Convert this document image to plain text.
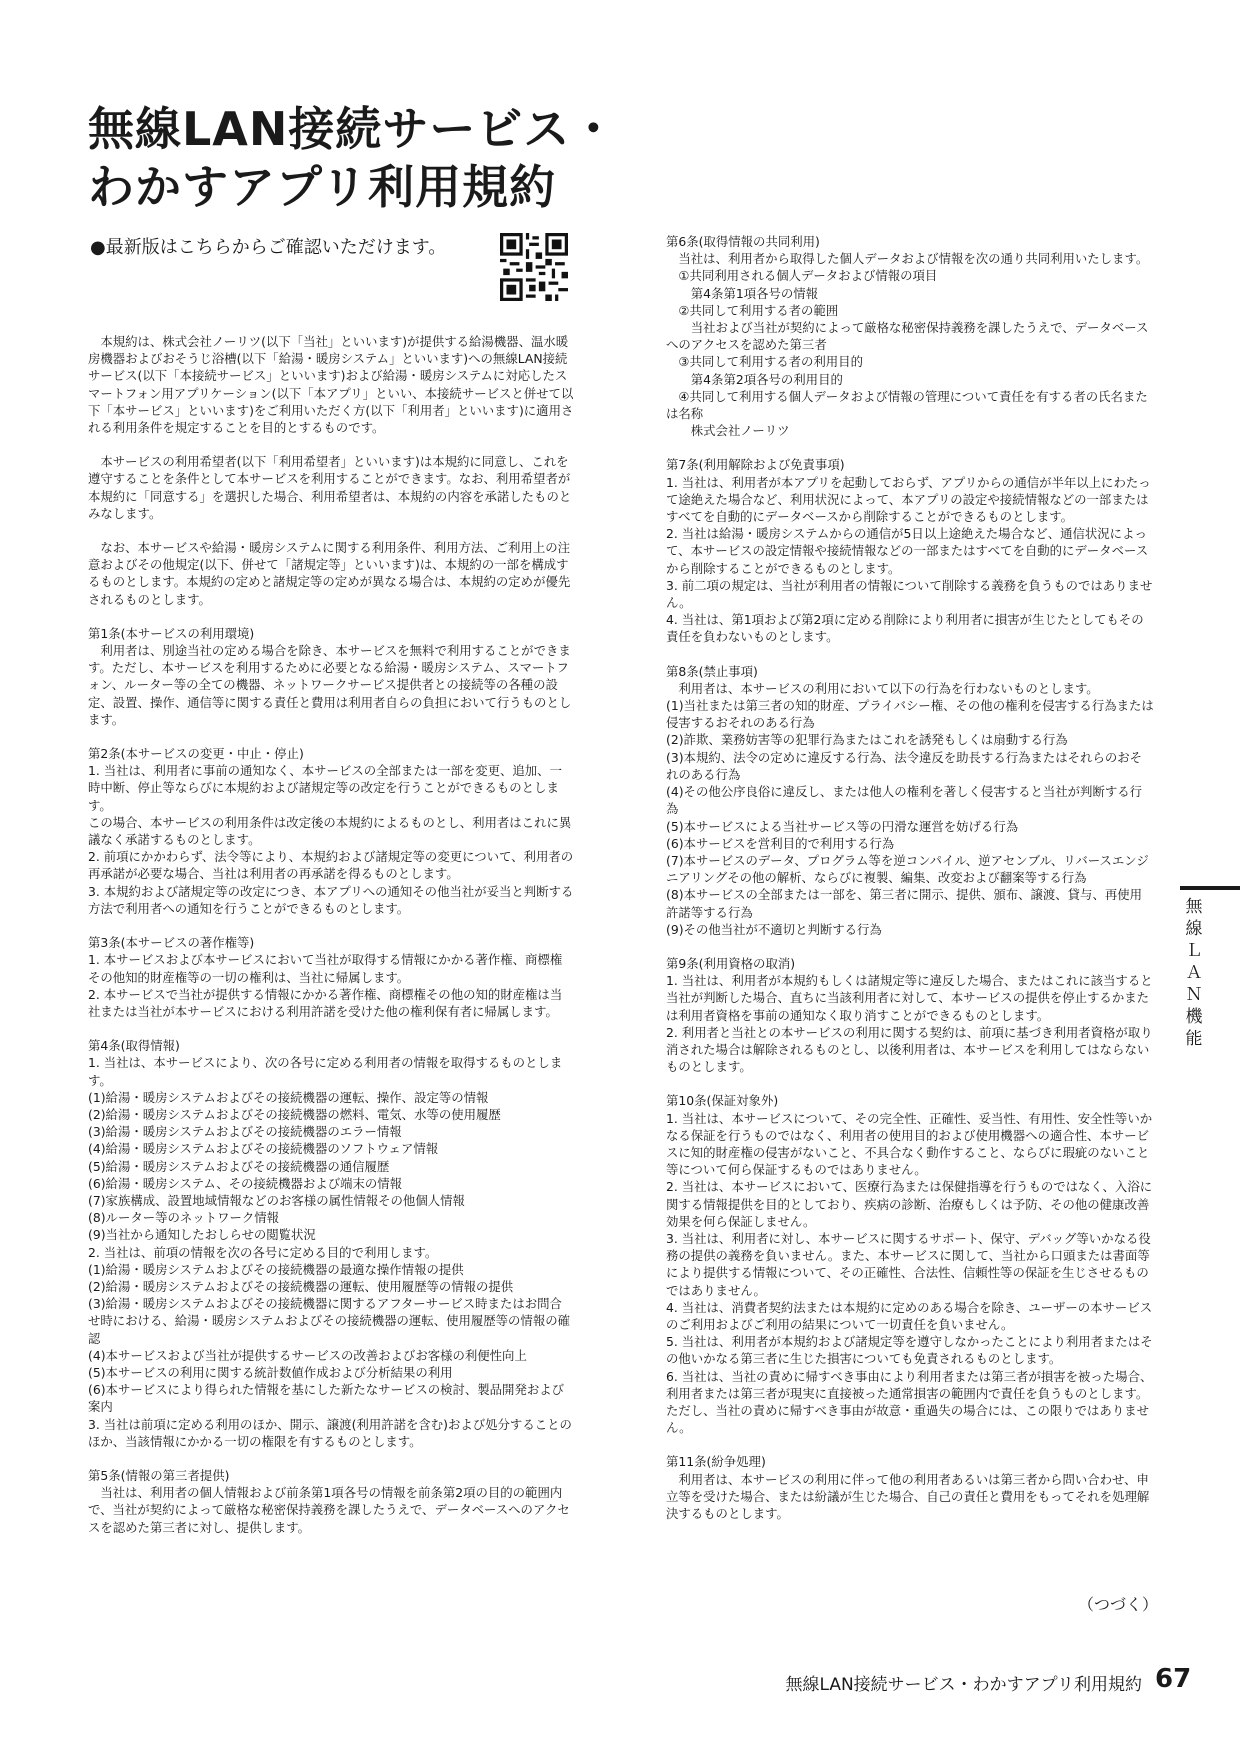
無線LAN接続サービス・
わかすアプリ利用規約
●最新版はこちらからご確認いただけます。

本規約は、株式会社ノーリツ(以下「当社」といいます)が提供する給湯機器、温水暖房機器およびおそうじ浴槽(以下「給湯・暖房システム」といいます)への無線LAN接続サービス(以下「本接続サービス」といいます)および給湯・暖房システムに対応したスマートフォン用アプリケーション(以下「本アプリ」といい、本接続サービスと併せて以下「本サービス」といいます)をご利用いただく方(以下「利用者」といいます)に適用される利用条件を規定することを目的とするものです。

本サービスの利用希望者(以下「利用希望者」といいます)は本規約に同意し、これを遵守することを条件として本サービスを利用することができます。なお、利用希望者が本規約に「同意する」を選択した場合、利用希望者は、本規約の内容を承諾したものとみなします。

なお、本サービスや給湯・暖房システムに関する利用条件、利用方法、ご利用上の注意およびその他規定(以下、併せて「諸規定等」といいます)は、本規約の一部を構成するものとします。本規約の定めと諸規定等の定めが異なる場合は、本規約の定めが優先されるものとします。

第1条(本サービスの利用環境)

　利用者は、別途当社の定める場合を除き、本サービスを無料で利用することができます。ただし、本サービスを利用するために必要となる給湯・暖房システム、スマートフォン、ルーター等の全ての機器、ネットワークサービス提供者との接続等の各種の設定、設置、操作、通信等に関する責任と費用は利用者自らの負担において行うものとします。

第2条(本サービスの変更・中止・停止)

1. 当社は、利用者に事前の通知なく、本サービスの全部または一部を変更、追加、一時中断、停止等ならびに本規約および諸規定等の改定を行うことができるものとします。
この場合、本サービスの利用条件は改定後の本規約によるものとし、利用者はこれに異議なく承諾するものとします。
2. 前項にかかわらず、法令等により、本規約および諸規定等の変更について、利用者の再承諾が必要な場合、当社は利用者の再承諾を得るものとします。
3. 本規約および諸規定等の改定につき、本アプリへの通知その他当社が妥当と判断する方法で利用者への通知を行うことができるものとします。

第3条(本サービスの著作権等)

1. 本サービスおよび本サービスにおいて当社が取得する情報にかかる著作権、商標権その他知的財産権等の一切の権利は、当社に帰属します。
2. 本サービスで当社が提供する情報にかかる著作権、商標権その他の知的財産権は当社または当社が本サービスにおける利用許諾を受けた他の権利保有者に帰属します。

第4条(取得情報)

1. 当社は、本サービスにより、次の各号に定める利用者の情報を取得するものとします。
(1)給湯・暖房システムおよびその接続機器の運転、操作、設定等の情報
(2)給湯・暖房システムおよびその接続機器の燃料、電気、水等の使用履歴
(3)給湯・暖房システムおよびその接続機器のエラー情報
(4)給湯・暖房システムおよびその接続機器のソフトウェア情報
(5)給湯・暖房システムおよびその接続機器の通信履歴
(6)給湯・暖房システム、その接続機器および端末の情報
(7)家族構成、設置地域情報などのお客様の属性情報その他個人情報
(8)ルーター等のネットワーク情報
(9)当社から通知したおしらせの閲覧状況
2. 当社は、前項の情報を次の各号に定める目的で利用します。
(1)給湯・暖房システムおよびその接続機器の最適な操作情報の提供
(2)給湯・暖房システムおよびその接続機器の運転、使用履歴等の情報の提供
(3)給湯・暖房システムおよびその接続機器に関するアフターサービス時またはお問合せ時における、給湯・暖房システムおよびその接続機器の運転、使用履歴等の情報の確認
(4)本サービスおよび当社が提供するサービスの改善およびお客様の利便性向上
(5)本サービスの利用に関する統計数値作成および分析結果の利用
(6)本サービスにより得られた情報を基にした新たなサービスの検討、製品開発および案内
3. 当社は前項に定める利用のほか、開示、譲渡(利用許諾を含む)および処分することのほか、当該情報にかかる一切の権限を有するものとします。

第5条(情報の第三者提供)

　当社は、利用者の個人情報および前条第1項各号の情報を前条第2項の目的の範囲内で、当社が契約によって厳格な秘密保持義務を課したうえで、データベースへのアクセスを認めた第三者に対し、提供します。

第6条(取得情報の共同利用)

　当社は、利用者から取得した個人データおよび情報を次の通り共同利用いたします。
　①共同利用される個人データおよび情報の項目
　　第4条第1項各号の情報
　②共同して利用する者の範囲
　　当社および当社が契約によって厳格な秘密保持義務を課したうえで、データベースへのアクセスを認めた第三者
　③共同して利用する者の利用目的
　　第4条第2項各号の利用目的
　④共同して利用する個人データおよび情報の管理について責任を有する者の氏名または名称
　　株式会社ノーリツ

第7条(利用解除および免責事項)

1. 当社は、利用者が本アプリを起動しておらず、アプリからの通信が半年以上にわたって途絶えた場合など、利用状況によって、本アプリの設定や接続情報などの一部またはすべてを自動的にデータベースから削除することができるものとします。
2. 当社は給湯・暖房システムからの通信が5日以上途絶えた場合など、通信状況によって、本サービスの設定情報や接続情報などの一部またはすべてを自動的にデータベースから削除することができるものとします。
3. 前二項の規定は、当社が利用者の情報について削除する義務を負うものではありません。
4. 当社は、第1項および第2項に定める削除により利用者に損害が生じたとしてもその責任を負わないものとします。

第8条(禁止事項)

　利用者は、本サービスの利用において以下の行為を行わないものとします。
(1)当社または第三者の知的財産、プライバシー権、その他の権利を侵害する行為または侵害するおそれのある行為
(2)詐欺、業務妨害等の犯罪行為またはこれを誘発もしくは扇動する行為
(3)本規約、法令の定めに違反する行為、法令違反を助長する行為またはそれらのおそれのある行為
(4)その他公序良俗に違反し、または他人の権利を著しく侵害すると当社が判断する行為
(5)本サービスによる当社サービス等の円滑な運営を妨げる行為
(6)本サービスを営利目的で利用する行為
(7)本サービスのデータ、プログラム等を逆コンパイル、逆アセンブル、リバースエンジニアリングその他の解析、ならびに複製、編集、改変および翻案等する行為
(8)本サービスの全部または一部を、第三者に開示、提供、頒布、譲渡、貸与、再使用許諾等する行為
(9)その他当社が不適切と判断する行為

第9条(利用資格の取消)

1. 当社は、利用者が本規約もしくは諸規定等に違反した場合、またはこれに該当すると当社が判断した場合、直ちに当該利用者に対して、本サービスの提供を停止するかまたは利用者資格を事前の通知なく取り消すことができるものとします。
2. 利用者と当社との本サービスの利用に関する契約は、前項に基づき利用者資格が取り消された場合は解除されるものとし、以後利用者は、本サービスを利用してはならないものとします。

第10条(保証対象外)

1. 当社は、本サービスについて、その完全性、正確性、妥当性、有用性、安全性等いかなる保証を行うものではなく、利用者の使用目的および使用機器への適合性、本サービスに知的財産権の侵害がないこと、不具合なく動作すること、ならびに瑕疵のないこと等について何ら保証するものではありません。
2. 当社は、本サービスにおいて、医療行為または保健指導を行うものではなく、入浴に関する情報提供を目的としており、疾病の診断、治療もしくは予防、その他の健康改善効果を何ら保証しません。
3. 当社は、利用者に対し、本サービスに関するサポート、保守、デバッグ等いかなる役務の提供の義務を負いません。また、本サービスに関して、当社から口頭または書面等により提供する情報について、その正確性、合法性、信頼性等の保証を生じさせるものではありません。
4. 当社は、消費者契約法または本規約に定めのある場合を除き、ユーザーの本サービスのご利用およびご利用の結果について一切責任を負いません。
5. 当社は、利用者が本規約および諸規定等を遵守しなかったことにより利用者またはその他いかなる第三者に生じた損害についても免責されるものとします。
6. 当社は、当社の責めに帰すべき事由により利用者または第三者が損害を被った場合、利用者または第三者が現実に直接被った通常損害の範囲内で責任を負うものとします。ただし、当社の責めに帰すべき事由が故意・重過失の場合には、この限りではありません。

第11条(紛争処理)

　利用者は、本サービスの利用に伴って他の利用者あるいは第三者から問い合わせ、申立等を受けた場合、または紛議が生じた場合、自己の責任と費用をもってそれを処理解決するものとします。

（つづく）
無
線
Ｌ
Ａ
Ｎ
機
能
無線LAN接続サービス・わかすアプリ利用規約 67
